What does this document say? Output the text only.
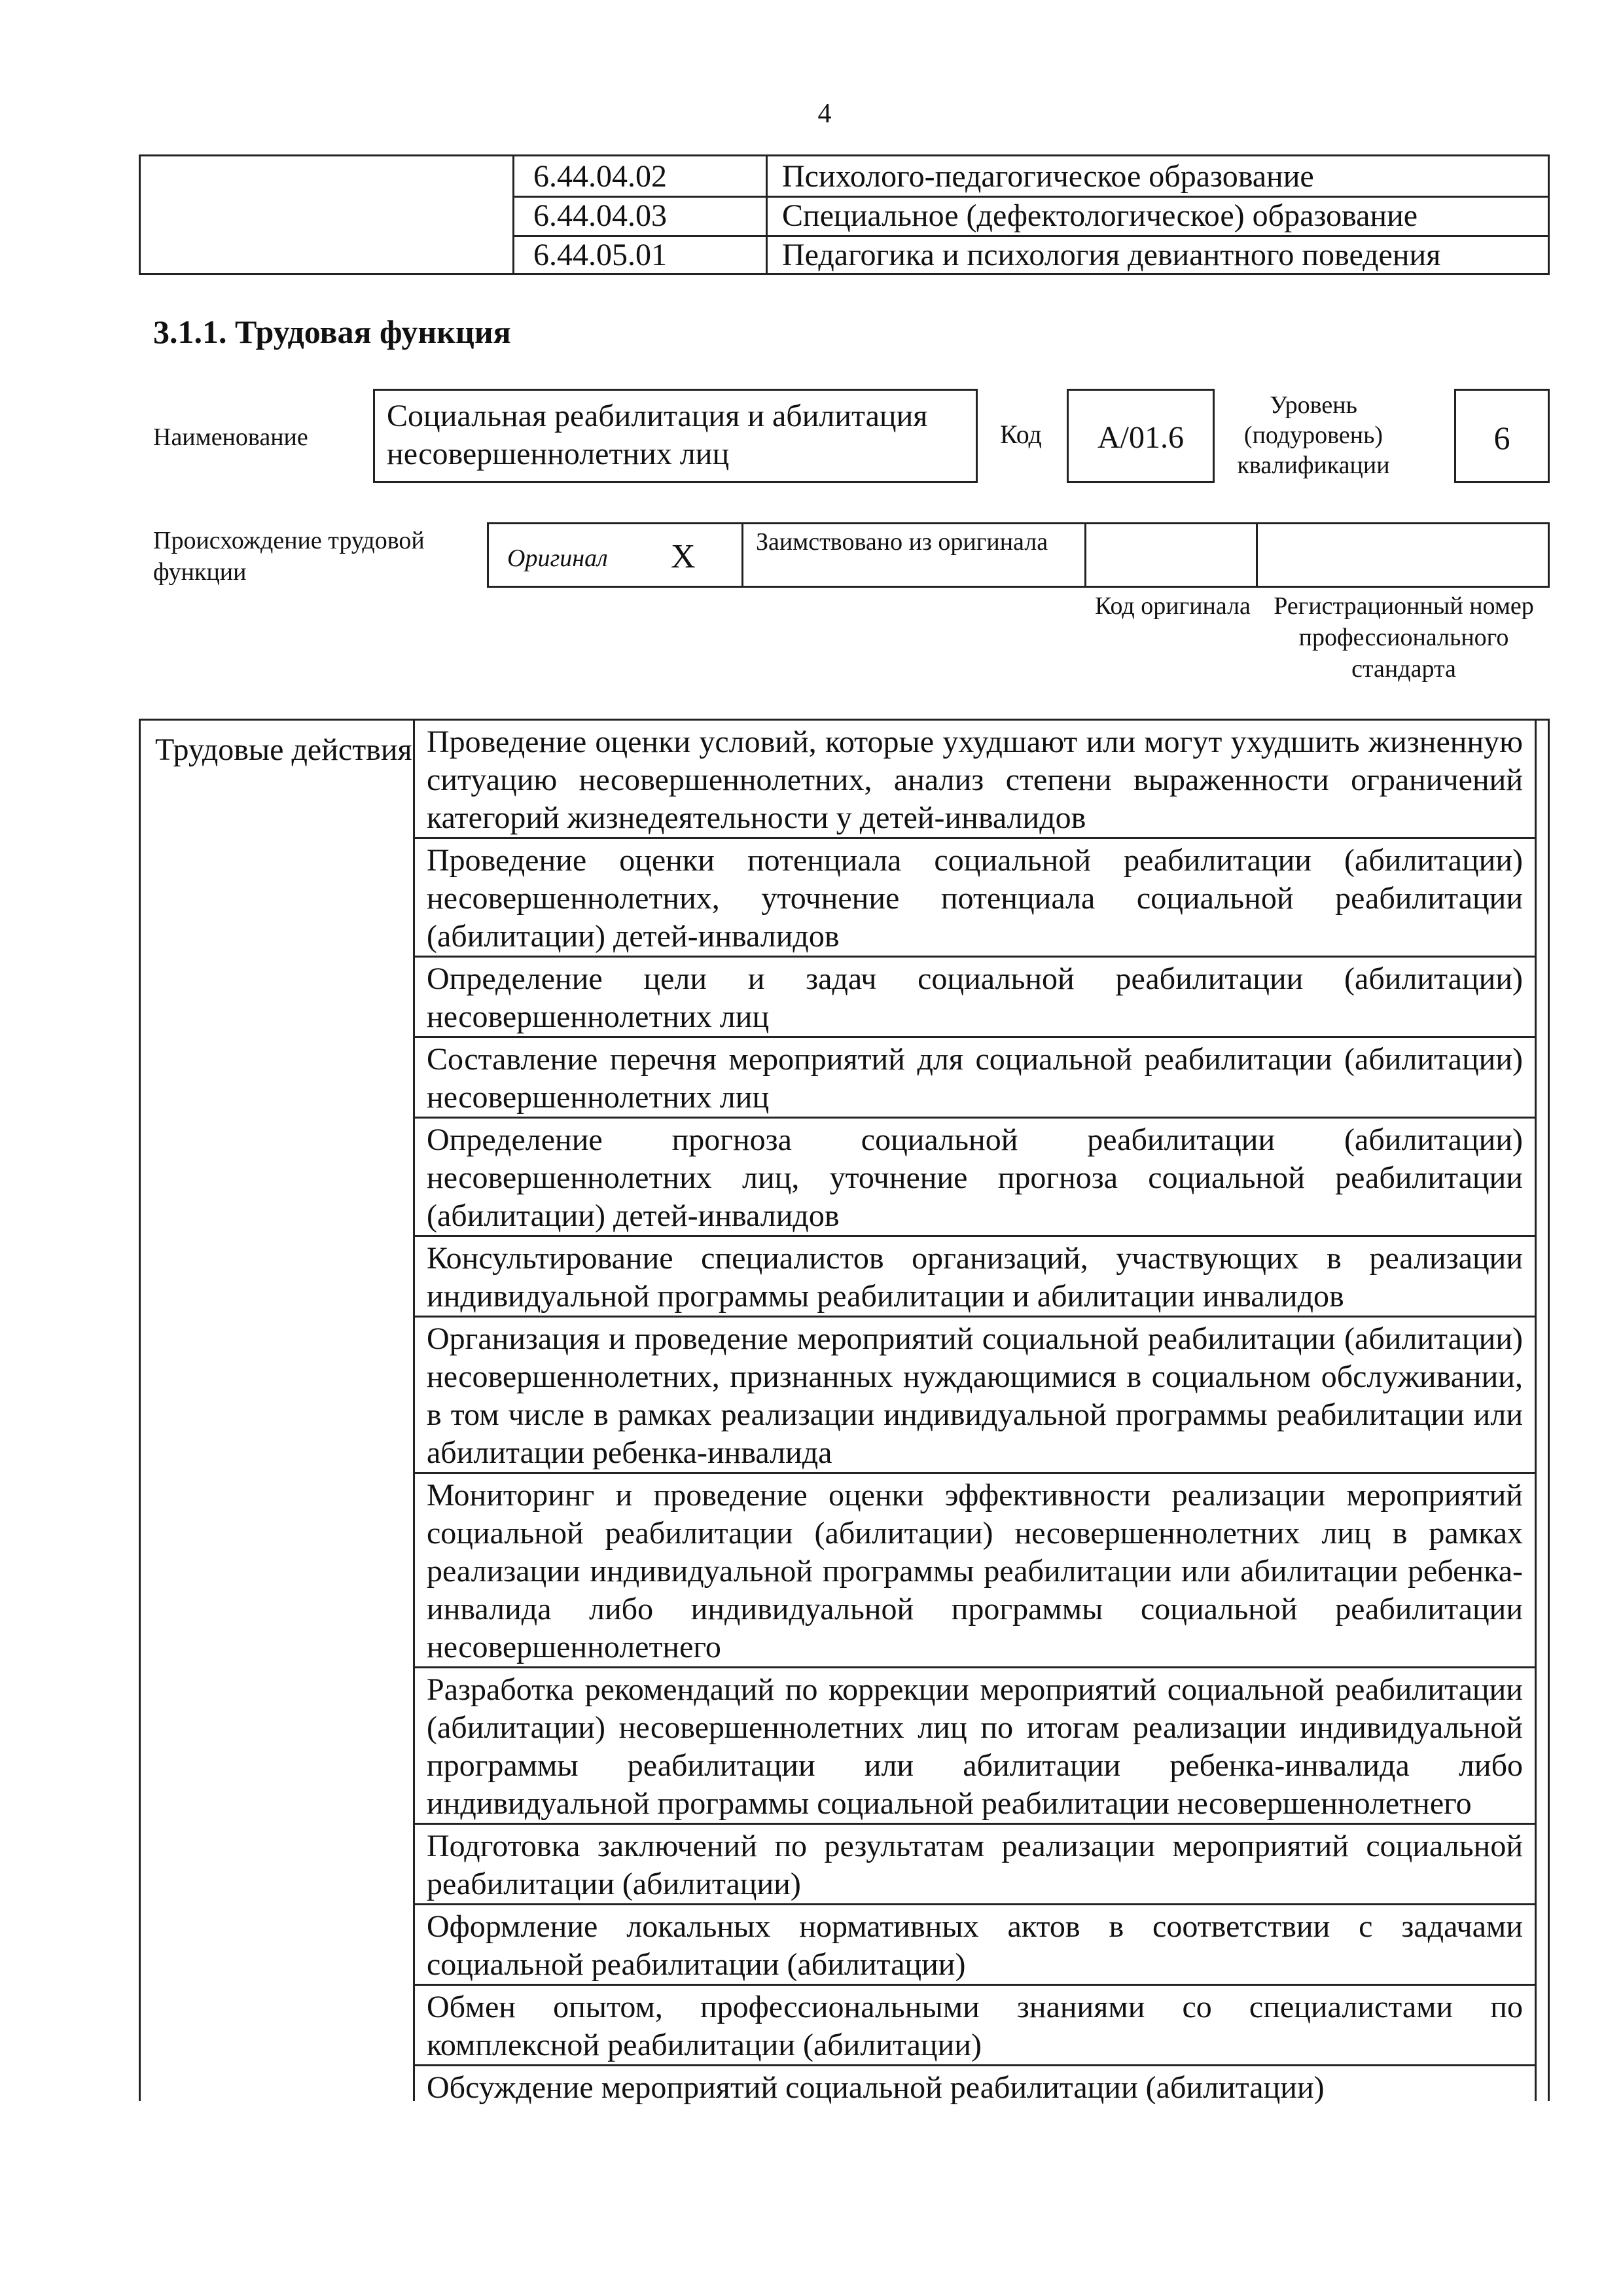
4
6.44.04.02	Психолого-педагогическое образование
6.44.04.03	Специальное (дефектологическое) образование
6.44.05.01	Педагогика и психология девиантного поведения
3.1.1. Трудовая функция
Наименование
Социальная реабилитация и абилитация несовершеннолетних лиц
Код	А/01.6
Уровень (подуровень) квалификации
6
Происхождение трудовой функции	Оригинал X Заимствовано из оригинала
Код оригинала Регистрационный номер профессионального стандарта
Трудовые действия Проведение оценки условий, которые ухудшают или могут ухудшить жизненную ситуацию несовершеннолетних, анализ степени выраженности ограничений категорий жизнедеятельности у детей-инвалидов
Проведение оценки потенциала социальной реабилитации (абилитации) несовершеннолетних, уточнение потенциала социальной реабилитации (абилитации) детей-инвалидов
Определение цели и задач социальной реабилитации (абилитации) несовершеннолетних лиц
Составление перечня мероприятий для социальной реабилитации (абилитации) несовершеннолетних лиц
Определение прогноза социальной реабилитации (абилитации) несовершеннолетних лиц, уточнение прогноза социальной реабилитации (абилитации) детей-инвалидов
Консультирование специалистов организаций, участвующих в реализации индивидуальной программы реабилитации и абилитации инвалидов
Организация и проведение мероприятий социальной реабилитации (абилитации) несовершеннолетних, признанных нуждающимися в социальном обслуживании, в том числе в рамках реализации индивидуальной программы реабилитации или абилитации ребенка-инвалида
Мониторинг и проведение оценки эффективности реализации мероприятий социальной реабилитации (абилитации) несовершеннолетних лиц в рамках реализации индивидуальной программы реабилитации или абилитации ребенка-инвалида либо индивидуальной программы социальной реабилитации несовершеннолетнего
Разработка рекомендаций по коррекции мероприятий социальной реабилитации (абилитации) несовершеннолетних лиц по итогам реализации индивидуальной программы реабилитации или абилитации ребенка-инвалида либо индивидуальной программы социальной реабилитации несовершеннолетнего
Подготовка заключений по результатам реализации мероприятий социальной реабилитации (абилитации)
Оформление локальных нормативных актов в соответствии с задачами социальной реабилитации (абилитации)
Обмен опытом, профессиональными знаниями со специалистами по комплексной реабилитации (абилитации)
Обсуждение мероприятий социальной реабилитации (абилитации)
